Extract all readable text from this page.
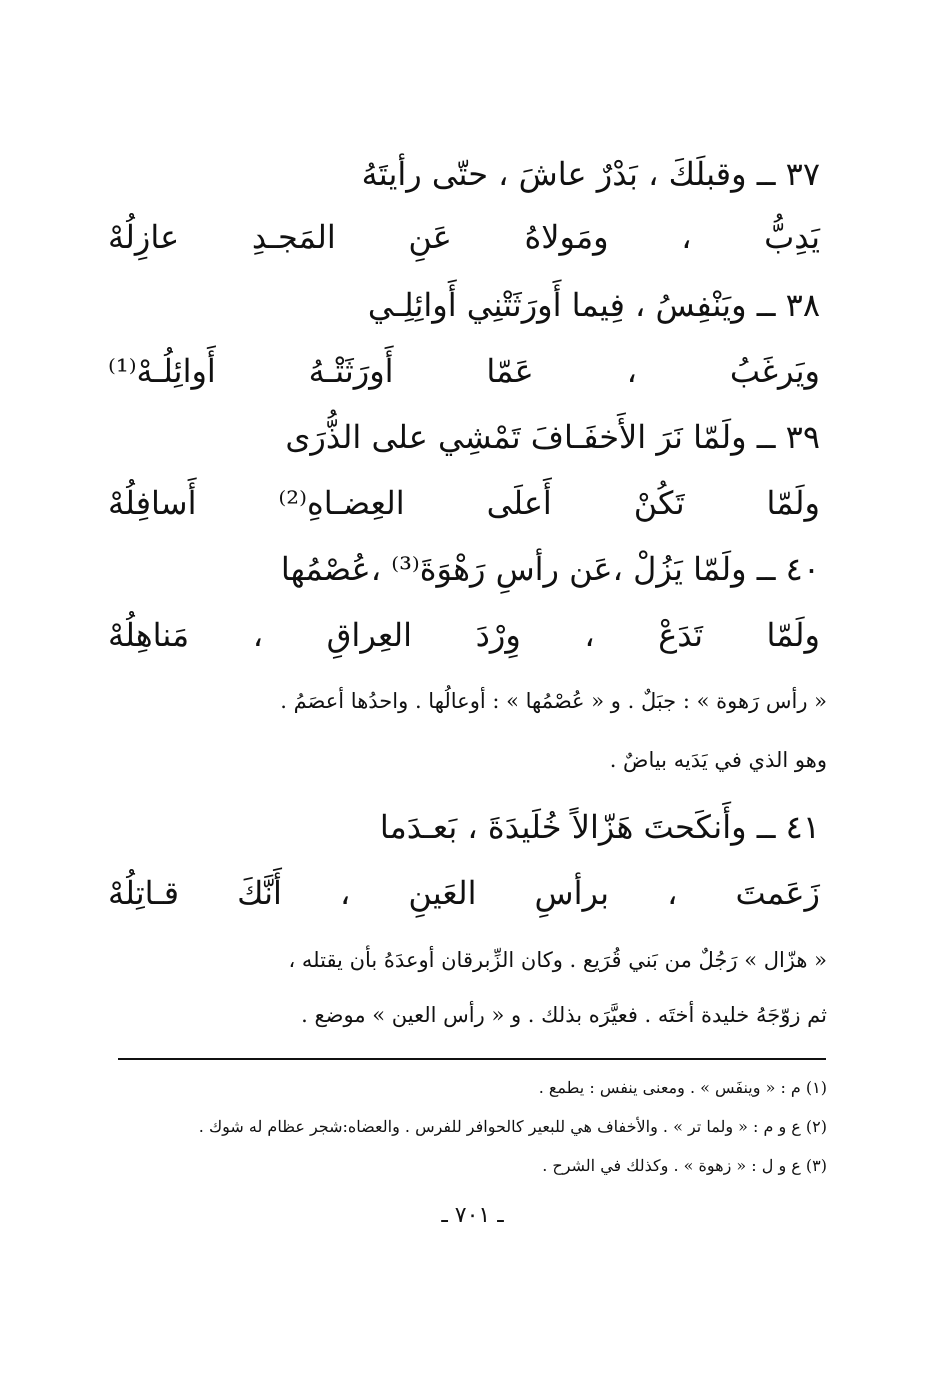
٣٧ ــ وقبلَكَ ، بَدْرٌ عاشَ ، حتّى رأيتَهُ
يَدِبُّ ، ومَولاهُ عَنِ المَجـدِ عازِلُهْ
٣٨ ــ ويَنْفِسُ ، فِيما أَورَثَتْنِي أَوائِلِـي
ويَرغَبُ ، عَمّا أَورَثَتْـهُ أَوائِلُـهْ⁽¹⁾
٣٩ ــ ولَمّا نَرَ الأَخفَـافَ تَمْشِي على الذُّرَى
ولَمّا تَكُنْ أَعلَى العِضـاهِ⁽²⁾ أَسافِلُهْ
٤٠ ــ ولَمّا يَزُلْ ،عَن رأسِ رَهْوَةَ⁽³⁾ ،عُصْمُها
ولَمّا تَدَعْ ، وِرْدَ العِراقِ ، مَناهِلُهْ
« رأس رَهوة » : جبَلٌ . و « عُصْمُها » : أوعالُها . واحدُها أعصَمُ .
وهو الذي في يَدَيه بياضٌ .
٤١ ــ وأَنكَحتَ هَزّالاً خُلَيدَةَ ، بَعـدَما
زَعَمتَ ، برأسِ العَينِ ، أَنَّكَ قـاتِلُهْ
« هزّال » رَجُلٌ من بَني قُرَيع . وكان الزِّبرقان أوعدَهُ بأن يقتله ،
ثم زوّجَهُ خليدة أختَه . فعيَّرَه بذلك . و « رأس العين » موضع .
(١) م : « وينفَس » . ومعنى ينفس : يطمع .
(٢) ع و م : « ولما تر » . والأخفاف هي للبعير كالحوافر للفرس . والعضاه:شجر عظام له شوك .
(٣) ع و ل : « زهوة » . وكذلك في الشرح .
ـ ٧٠١ ـ
